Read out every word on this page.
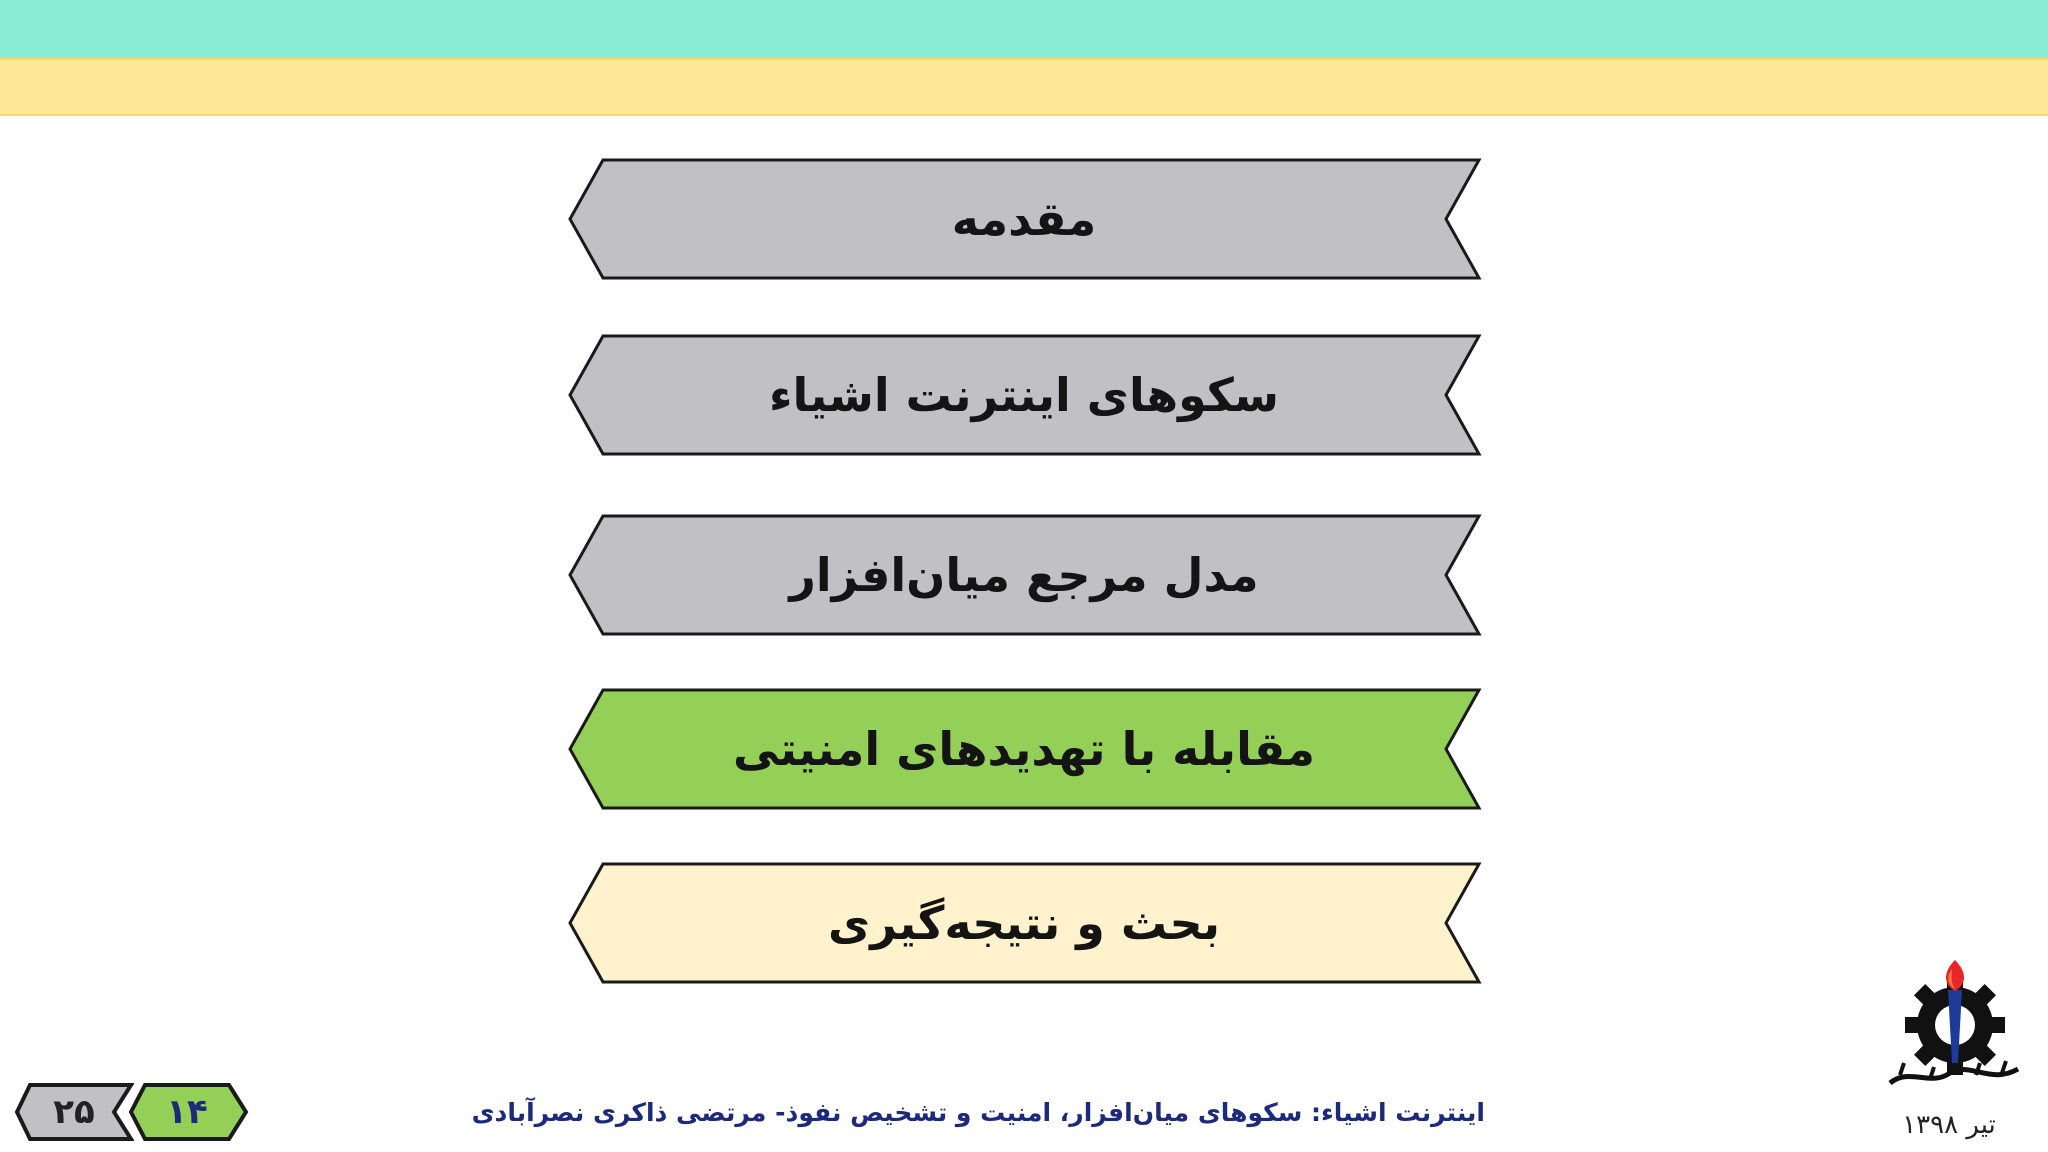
مقدمه
سکوهای اینترنت اشیاء
مدل مرجع میان‌افزار
مقابله با تهدیدهای امنیتی
بحث و نتیجه‌گیری
۲۵	۱۴	اینترنت اشیاء: سکوهای میان‌افزار، امنیت و تشخیص نفوذ- مرتضی ذاکری نصرآبادی	تیر ۱۳۹۸
